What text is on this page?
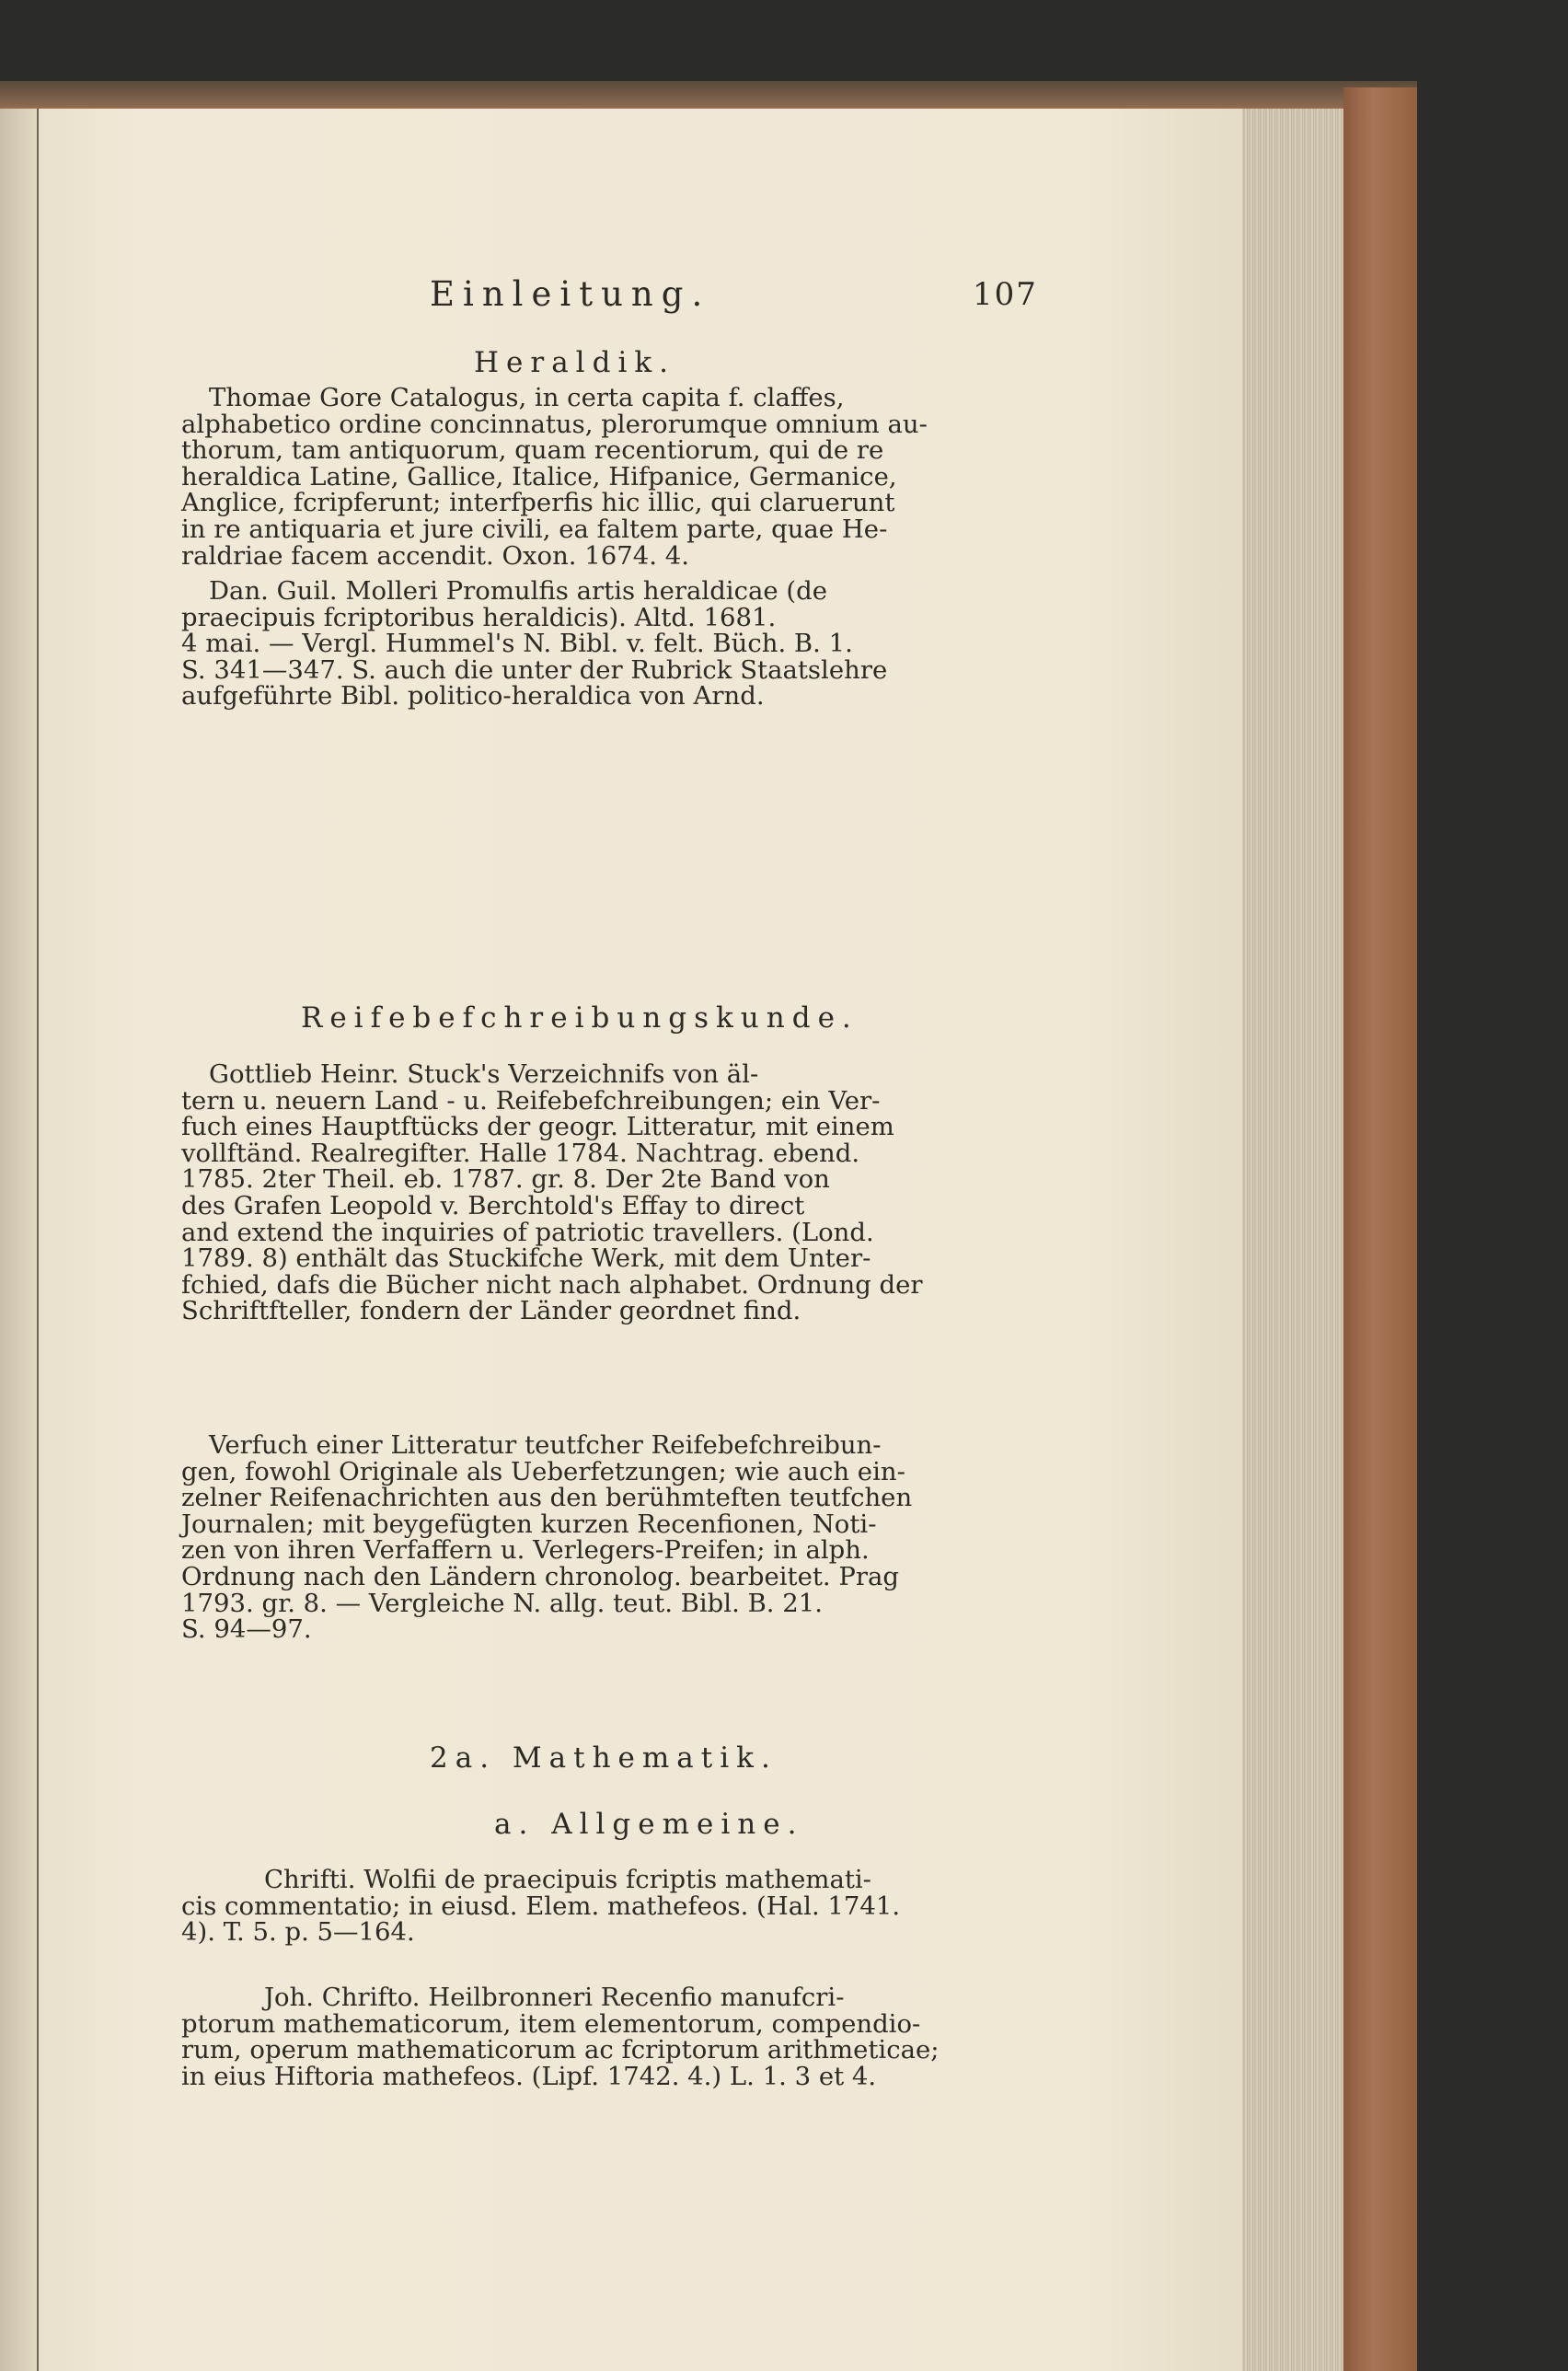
Einleitung.	107
Heraldik.
Thomae Gore Catalogus, in certa capita f. claffes,
alphabetico ordine concinnatus, plerorumque omnium au-
thorum, tam antiquorum, quam recentiorum, qui de re
heraldica Latine, Gallice, Italice, Hifpanice, Germanice,
Anglice, fcripferunt; interfperfis hic illic, qui claruerunt
in re antiquaria et jure civili, ea faltem parte, quae He-
raldriae facem accendit. Oxon. 1674. 4.
Dan. Guil. Molleri Promulfis artis heraldicae (de
praecipuis fcriptoribus heraldicis). Altd. 1681.
4 mai. — Vergl. Hummel's N. Bibl. v. felt. Büch. B. 1.
S. 341—347. S. auch die unter der Rubrick Staatslehre
aufgeführte Bibl. politico-heraldica von Arnd.
Reifebefchreibungskunde.
Gottlieb Heinr. Stuck's Verzeichnifs von äl-
tern u. neuern Land - u. Reifebefchreibungen; ein Ver-
fuch eines Hauptftücks der geogr. Litteratur, mit einem
vollftänd. Realregifter. Halle 1784. Nachtrag. ebend.
1785. 2ter Theil. eb. 1787. gr. 8. Der 2te Band von
des Grafen Leopold v. Berchtold's Effay to direct
and extend the inquiries of patriotic travellers. (Lond.
1789. 8) enthält das Stuckifche Werk, mit dem Unter-
fchied, dafs die Bücher nicht nach alphabet. Ordnung der
Schriftfteller, fondern der Länder geordnet find.
Verfuch einer Litteratur teutfcher Reifebefchreibun-
gen, fowohl Originale als Ueberfetzungen; wie auch ein-
zelner Reifenachrichten aus den berühmteften teutfchen
Journalen; mit beygefügten kurzen Recenfionen, Noti-
zen von ihren Verfaffern u. Verlegers-Preifen; in alph.
Ordnung nach den Ländern chronolog. bearbeitet. Prag
1793. gr. 8. — Vergleiche N. allg. teut. Bibl. B. 21.
S. 94—97.
2a. Mathematik.
a. Allgemeine.
Chrifti. Wolfii de praecipuis fcriptis mathemati-
cis commentatio; in eiusd. Elem. mathefeos. (Hal. 1741.
4). T. 5. p. 5—164.
Joh. Chrifto. Heilbronneri Recenfio manufcri-
ptorum mathematicorum, item elementorum, compendio-
rum, operum mathematicorum ac fcriptorum arithmeticae;
in eius Hiftoria mathefeos. (Lipf. 1742. 4.) L. 1. 3 et 4.
